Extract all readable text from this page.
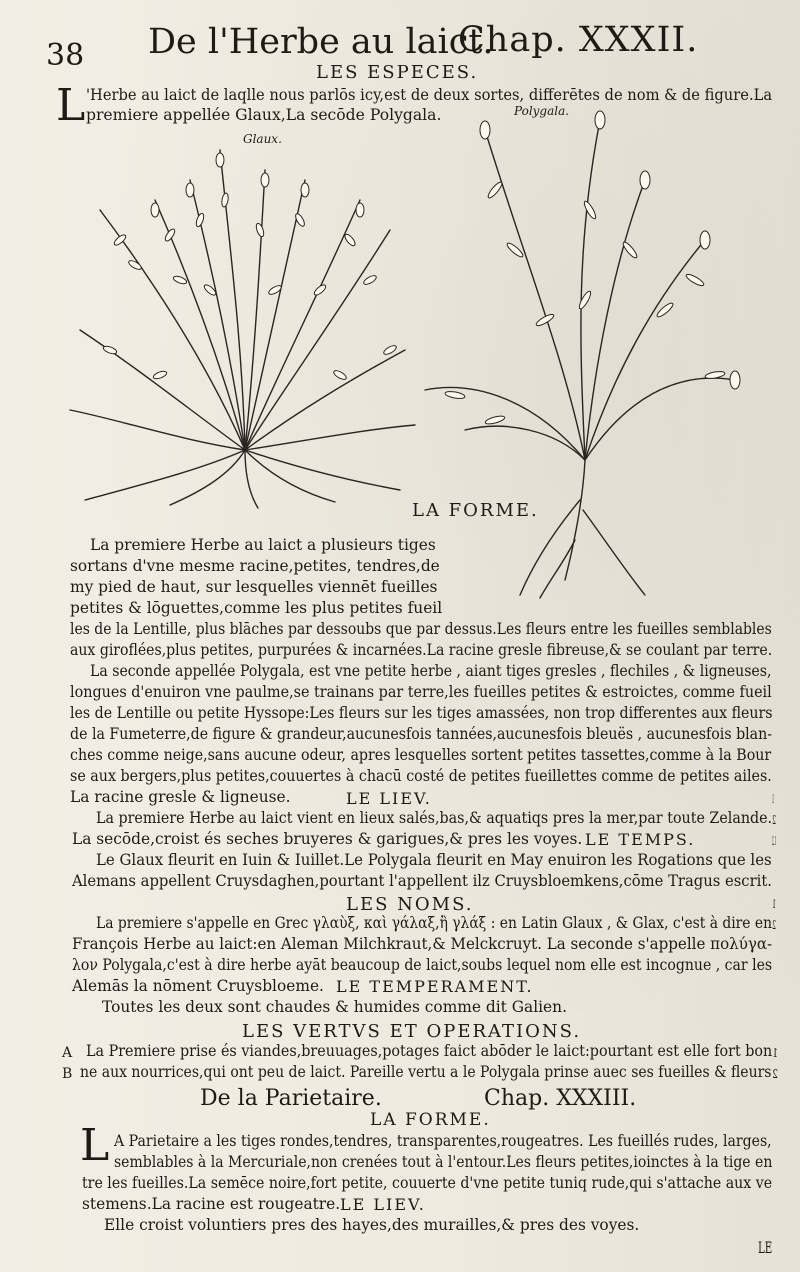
38 De l'Herbe au laict.
Chap. XXXII.
LES ESPECES.
L 'Herbe au laict de laqlle nous parlōs icy,est de deux sortes, differētes de nom & de figure.La
premiere appellée Glaux,La secōde Polygala.	Polygala.
Glaux.
LA FORME.
La premiere Herbe au laict a plusieurs tiges
sortans d'vne mesme racine,petites, tendres,de
my pied de haut, sur lesquelles viennēt fueilles
petites & lōguettes,comme les plus petites fueil
les de la Lentille, plus blāches par dessoubs que par dessus.Les fleurs entre les fueilles semblables
aux giroflées,plus petites, purpurées & incarnées.La racine gresle fibreuse,& se coulant par terre.
La seconde appellée Polygala, est vne petite herbe , aiant tiges gresles , flechiles , & ligneuses,
longues d'enuiron vne paulme,se trainans par terre,les fueilles petites & estroictes, comme fueil
les de Lentille ou petite Hyssope:Les fleurs sur les tiges amassées, non trop differentes aux fleurs
de la Fumeterre,de figure & grandeur,aucunesfois tannées,aucunesfois bleuës , aucunesfois blan-
ches comme neige,sans aucune odeur, apres lesquelles sortent petites tassettes,comme à la Bour
se aux bergers,plus petites,couuertes à chacū costé de petites fueillettes comme de petites ailes.
La racine gresle & ligneuse.	LE LIEV.
La premiere Herbe au laict vient en lieux salés,bas,& aquatiqs pres la mer,par toute Zelande.
La secōde,croist és seches bruyeres & garigues,& pres les voyes. LE TEMPS.
Le Glaux fleurit en Iuin & Iuillet.Le Polygala fleurit en May enuiron les Rogations que les
Alemans appellent Cruysdaghen,pourtant l'appellent ilz Cruysbloemkens,cōme Tragus escrit.
LES NOMS.
La premiere s'appelle en Grec γλαὺξ, καὶ γάλαξ,ἢ γλάξ : en Latin Glaux , & Glax, c'est à dire en
François Herbe au laict:en Aleman Milchkraut,& Melckcruyt. La seconde s'appelle πολύγα-
λον Polygala,c'est à dire herbe ayāt beaucoup de laict,soubs lequel nom elle est incognue , car les
Alemās la nōment Cruysbloeme. LE TEMPERAMENT.
Toutes les deux sont chaudes & humides comme dit Galien.
LES VERTVS ET OPERATIONS.
A La Premiere prise és viandes,breuuages,potages faict abōder le laict:pourtant est elle fort bon
B ne aux nourrices,qui ont peu de laict. Pareille vertu a le Polygala prinse auec ses fueilles & fleurs
De la Parietaire.	Chap. XXXIII.
LA FORME.
L A Parietaire a les tiges rondes,tendres, transparentes,rougeatres. Les fueillés rudes, larges,
semblables à la Mercuriale,non crenées tout à l'entour.Les fleurs petites,ioinctes à la tige en
tre les fueilles.La semēce noire,fort petite, couuerte d'vne petite tuniq rude,qui s'attache aux ve
stemens.La racine est rougeatre. LE LIEV.
Elle croist voluntiers pres des hayes,des murailles,& pres des voyes.
LE
1
2
1.2
1
2
1
2
